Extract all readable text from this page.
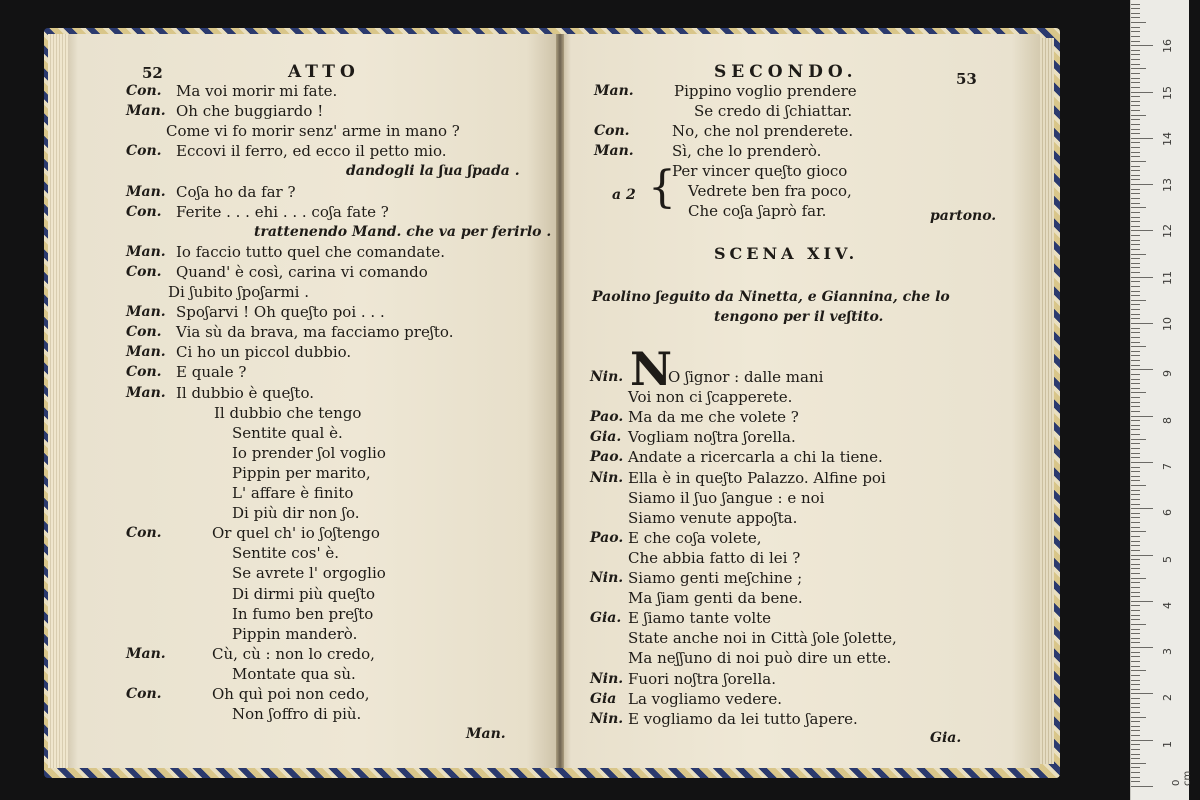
52	ATTO
Con. Ma voi morir mi fate.
Man. Oh che buggiardo !
Come vi fo morir senz' arme in mano ?
Con. Eccovi il ferro, ed ecco il petto mio.
dandogli la ʃua ʃpada .
Man. Coʃa ho da far ?
Con. Ferite . . . ehi . . . coʃa fate ?
trattenendo Mand. che va per ferirlo .
Man. Io faccio tutto quel che comandate.
Con. Quand' è così, carina vi comando
Di ʃubito ʃpoʃarmi .
Man. Spoʃarvi ! Oh queʃto poi . . .
Con. Via sù da brava, ma facciamo preʃto.
Man. Ci ho un piccol dubbio.
Con. E quale ?
Man. Il dubbio è queʃto.
Il dubbio che tengo
Sentite qual è.
Io prender ʃol voglio
Pippin per marito,
L' affare è finito
Di più dir non ʃo.
Con.	Or quel ch' io ʃoʃtengo
Sentite cos' è.
Se avrete l' orgoglio
Di dirmi più queʃto
In fumo ben preʃto
Pippin manderò.
Man.	Cù, cù : non lo credo,
Montate qua sù.
Con.	Oh quì poi non cedo,
Non ʃoffro di più.
Man.
SECONDO.	53
Man.	Pippino voglio prendere
Se credo di ʃchiattar.
Con.	No, che nol prenderete.
Man.	Sì, che lo prenderò.
Per vincer queʃto gioco
Vedrete ben fra poco,
Che coʃa ʃaprò far.
a 2 {
partono.
SCENA XIV.
Paolino ʃeguito da Ninetta, e Giannina, che lo
tengono per il veʃtito.
N
Nin.	O ʃignor : dalle mani
Voi non ci ʃcapperete.
Pao. Ma da me che volete ?
Gia. Vogliam noʃtra ʃorella.
Pao. Andate a ricercarla a chi la tiene.
Nin. Ella è in queʃto Palazzo. Alfine poi
Siamo il ʃuo ʃangue : e noi
Siamo venute appoʃta.
Pao. E che coʃa volete,
Che abbia fatto di lei ?
Nin. Siamo genti meʃchine ;
Ma ʃiam genti da bene.
Gia. E ʃiamo tante volte
State anche noi in Città ʃole ʃolette,
Ma neʃʃuno di noi può dire un ette.
Nin. Fuori noʃtra ʃorella.
Gia La vogliamo vedere.
Nin. E vogliamo da lei tutto ʃapere.
Gia.	1
2
3
4
5
6
7
8
9
10
11
12
13
14
15
16
0 cm
